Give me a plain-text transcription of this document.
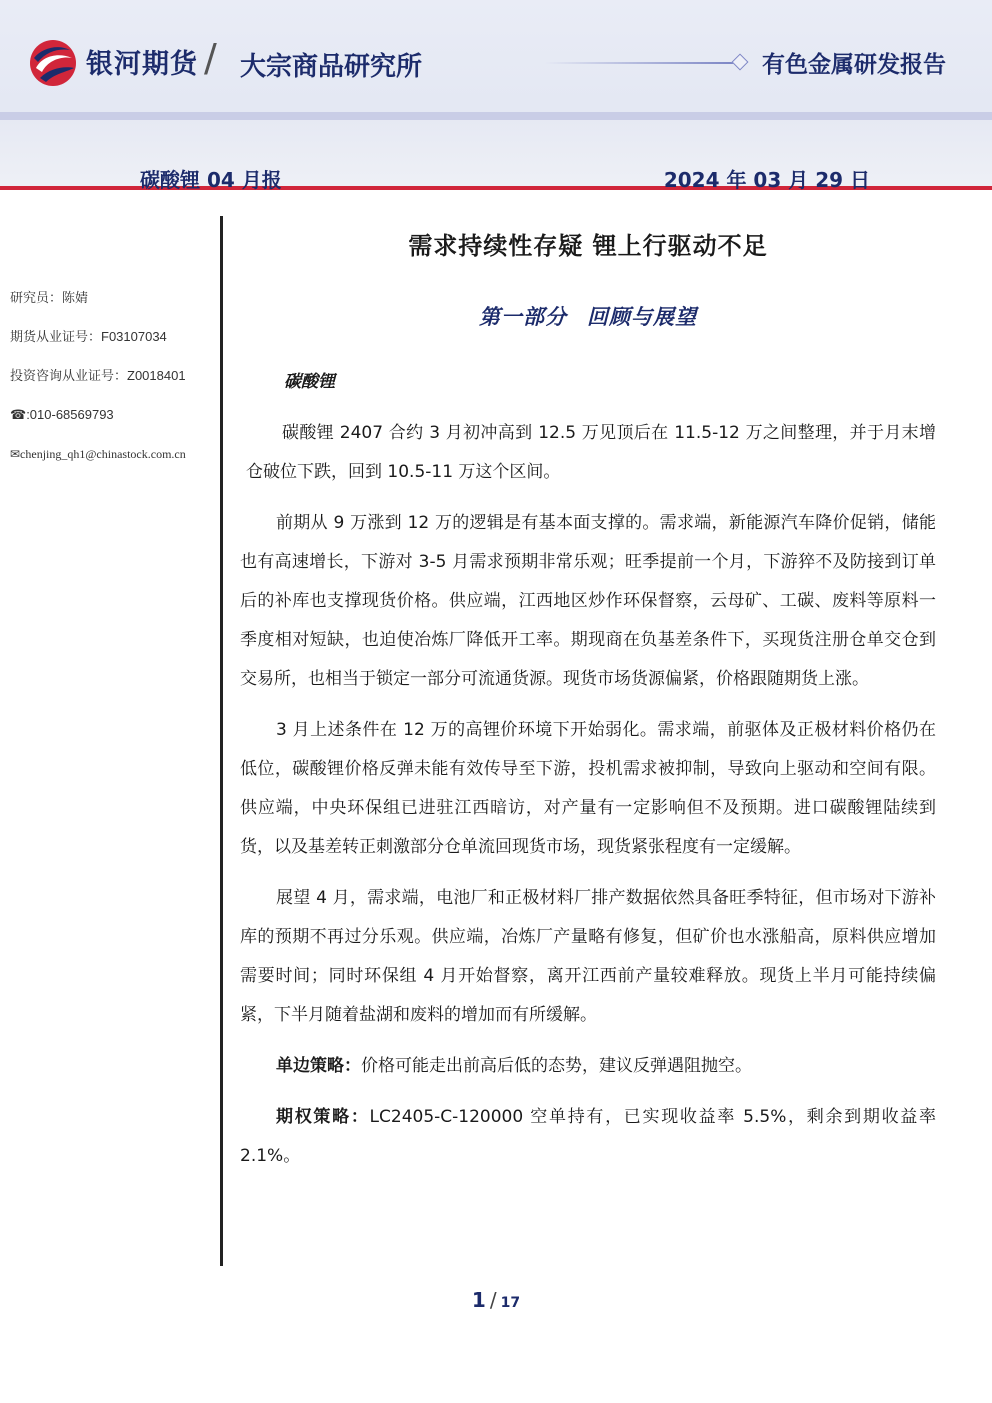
银河期货 / 大宗商品研究所	有色金属研发报告
碳酸锂 04 月报	2024 年 03 月 29 日
研究员：陈婧
期货从业证号：F03107034
投资咨询从业证号：Z0018401
☎:010-68569793
✉chenjing_qh1@chinastock.com.cn
需求持续性存疑 锂上行驱动不足
第一部分 回顾与展望
碳酸锂

碳酸锂 2407 合约 3 月初冲高到 12.5 万见顶后在 11.5-12 万之间整理，并于月末增仓破位下跌，回到 10.5-11 万这个区间。

前期从 9 万涨到 12 万的逻辑是有基本面支撑的。需求端，新能源汽车降价促销，储能也有高速增长，下游对 3-5 月需求预期非常乐观；旺季提前一个月，下游猝不及防接到订单后的补库也支撑现货价格。供应端，江西地区炒作环保督察，云母矿、工碳、废料等原料一季度相对短缺，也迫使冶炼厂降低开工率。期现商在负基差条件下，买现货注册仓单交仓到交易所，也相当于锁定一部分可流通货源。现货市场货源偏紧，价格跟随期货上涨。

3 月上述条件在 12 万的高锂价环境下开始弱化。需求端，前驱体及正极材料价格仍在低位，碳酸锂价格反弹未能有效传导至下游，投机需求被抑制，导致向上驱动和空间有限。供应端，中央环保组已进驻江西暗访，对产量有一定影响但不及预期。进口碳酸锂陆续到货，以及基差转正刺激部分仓单流回现货市场，现货紧张程度有一定缓解。

展望 4 月，需求端，电池厂和正极材料厂排产数据依然具备旺季特征，但市场对下游补库的预期不再过分乐观。供应端，冶炼厂产量略有修复，但矿价也水涨船高，原料供应增加需要时间；同时环保组 4 月开始督察，离开江西前产量较难释放。现货上半月可能持续偏紧，下半月随着盐湖和废料的增加而有所缓解。

单边策略：价格可能走出前高后低的态势，建议反弹遇阻抛空。

期权策略：LC2405-C-120000 空单持有，已实现收益率 5.5%，剩余到期收益率 2.1%。

1 / 17
